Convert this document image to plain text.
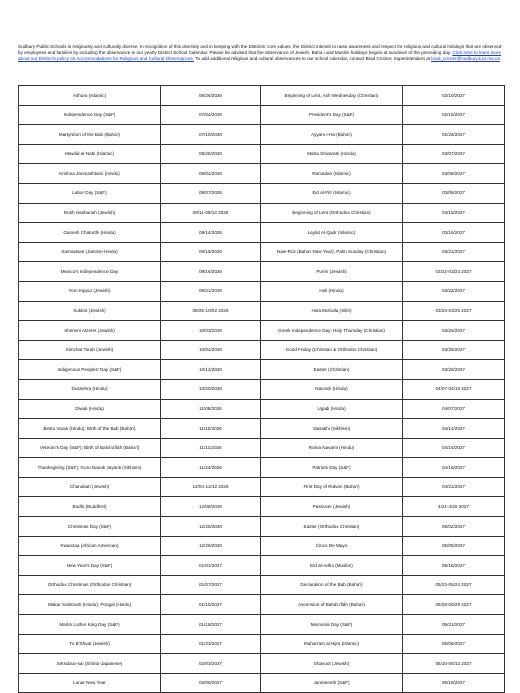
Sudbury Public Schools is religiously and culturally diverse. In recognition of this diversity and in keeping with the Districts' core values, the District intends to raise awareness and respect for religious and cultural holidays that are observed by employees and families by including the observance in our yearly District School Calendar. Please be advised that the observance of Jewish, Baha i and Muslim holidays begins at sundown of the preceding day. Click here to learn more about our District's policy on Accommodations for Religious and Cultural Observances. To add additional religious and cultural observances to our school calendar, contact Brad Crozier, Superintendent at brad_crozier@sudbury.k12.ma.us.
Ashura (Islamic)	06/26/2026	Beginning of Lent, Ash Wednesday (Christian)	02/10/2027
Independence Day (S&F)	07/04/2026	President's Day (S&F)	02/15/2027
Martyrdom of the Bab (Baha'i)	07/10/2026	Ayyam-i-Ha (Baha'i)	02/26/2027
Mawlid al-Nabi (Islamic)	08/25/2026	Maha Shivaratri (Hindu)	03/07/2027
Krishna Janmashtami (Hindu)	09/04/2026	Ramadan (Islamic)	03/08/2027
Labor Day (S&F)	09/07/2026	Eid al-Fitr (Islamic)	03/09/2027
Rosh Hashanah (Jewish)	09/11-09/13 2026	Beginning of Lent (Orthodox Christian)	03/15/2027
Ganesh Chaturthi (Hindu)	09/14/2026	Laylat Al-Qadr (Islamic)	03/16/2027
Samvatsari (Jainism-Hindu)	09/15/2026	Naw-Rúz (Baha'i New Year); Palm Sunday (Christian)	03/21/2027
Mexico's Independence Day	09/16/2026	Purim (Jewish)	03/22-03/23 2027
Yom Kippur (Jewish)	09/21/2026	Holi (Hindu)	03/22/2027
Sukkot (Jewish)	09/25-10/02 2026	Hola Mohalla (Sikh)	03/23-03/25 2027
Shemini Atzeret (Jewish)	10/03/2026	Greek Independence Day; Holy Thursday (Christian)	03/25/2027
Simchat Torah (Jewish)	10/04/2026	Good Friday (Christian & Orthodox Christian)	03/26/2027
Indigenous Peoples' Day (S&F)	10/12/2026	Easter (Christian)	03/28/2027
Dussehra (Hindu)	10/20/2026	Navratri (Hindu)	04/07-04/15 2027
Diwali (Hindu)	11/08/2026	Ugadi (Hindu)	04/07/2027
Bestu Varas (Hindu); Birth of the Bab (Baha'i)	11/10/2026	Vaisakhi (Sikhism)	04/14/2027
Veteran's Day (S&F); Birth of Bahá'u'lláh (Baha'i)	11/11/2026	Rama Navami (Hindu)	04/15/2027
Thanksgiving (S&F); Guru Nanak Jayanti (Sikhism)	11/24/2026	Patriots Day (S&F)	04/19/2027
Chanukah (Jewish)	12/04-12/12 2026	First Day of Ridvan (Baha'i)	04/21/2027
Bodhi (Buddhist)	12/08/2026	Passover (Jewish)	4/21-4/29 2027
Christmas Day (S&F)	12/25/2026	Easter (Orthodox Christian)	05/02/2027
Kwanzaa (African American)	12/26/2026	Cinco De Mayo	05/05/2027
New Year's Day (S&F)	01/01/2027	Eid al-Adha (Muslim)	05/16/2027
Orthodox Christmas (Orthodox Christian)	01/07/2027	Declaration of the Bab (Baha'i)	05/23-05/24 2027
Makar Sankranti (Hindu); Pongal (Hindu)	01/15/2027	Ascension of Bahá'u'lláh (Baha'i)	05/28-05/29 2027
Martin Luther King Day (S&F)	01/18/2027	Memorial Day (S&F)	05/31/2027
Tu B'Shvat (Jewish)	01/23/2027	Muharram al Hijra (Islamic)	06/06/2027
Setsubun-sai (Shinto-Japanese)	02/03/2027	Shavuot (Jewish)	06/10-06/12 2027
Lunar New Year	02/06/2027	Juneteenth (S&F)	06/19/2027
